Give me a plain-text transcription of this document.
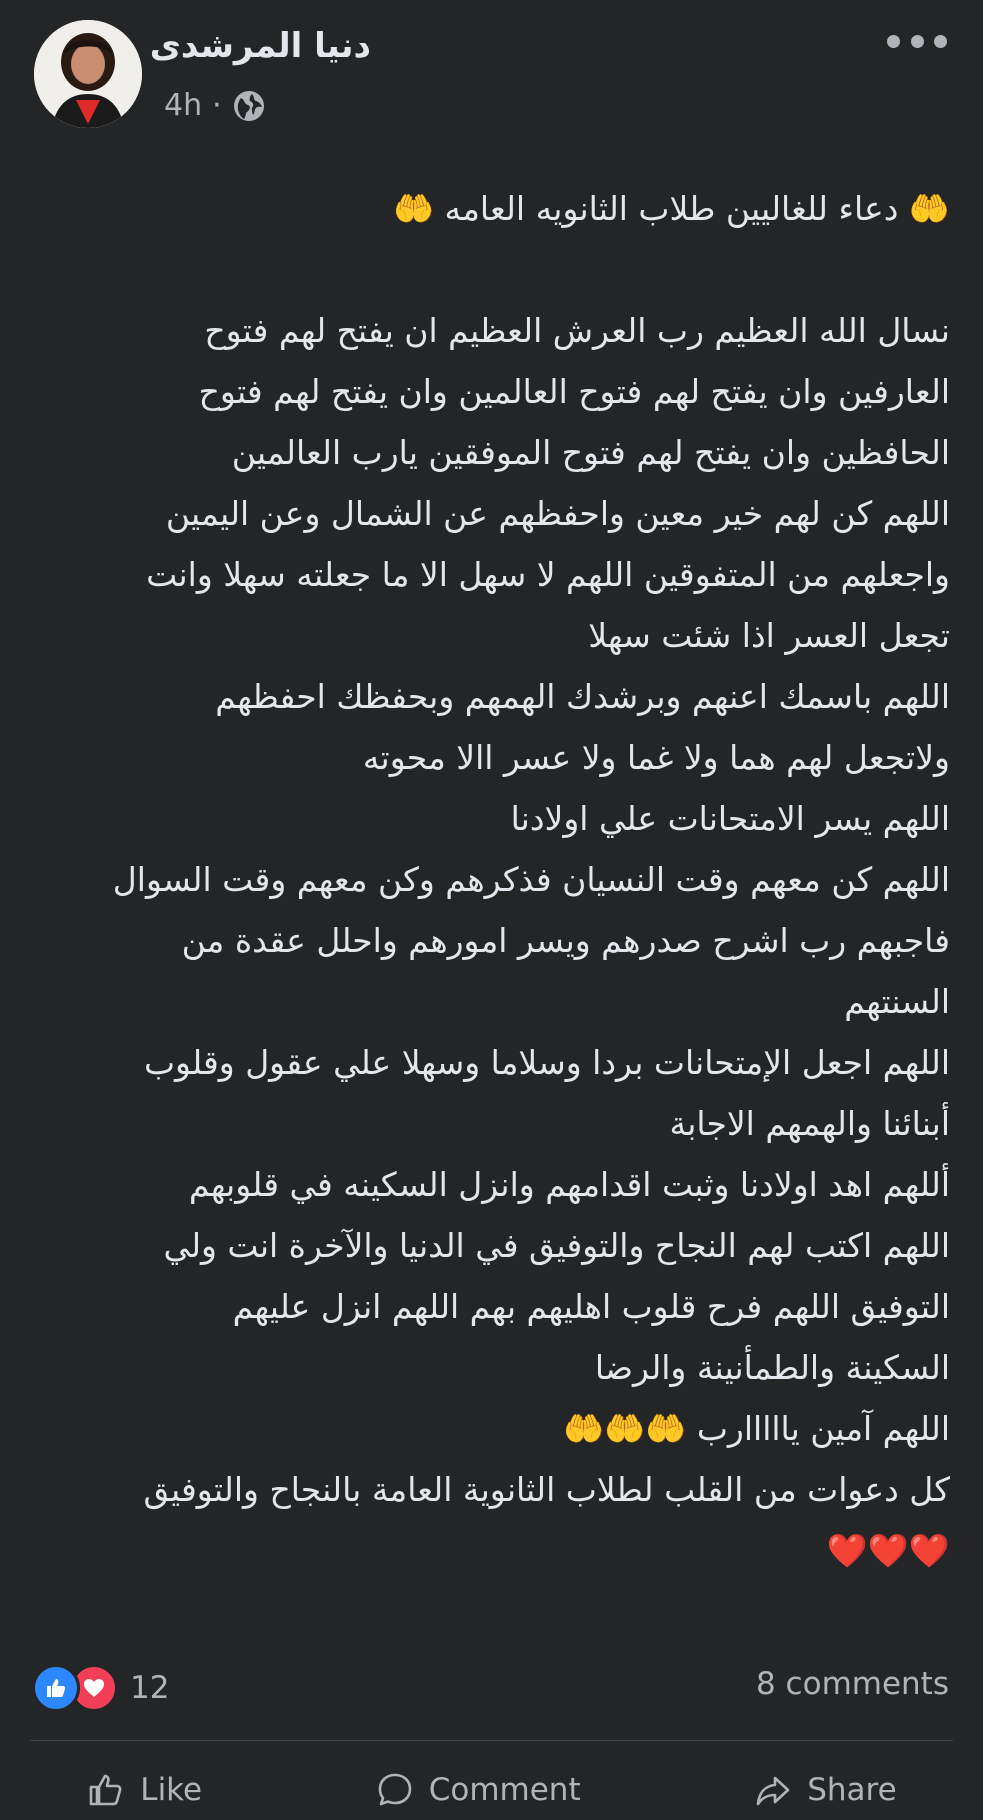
دنيا المرشدى
4h ·
🤲 دعاء للغاليين طلاب الثانويه العامه 🤲
نسال الله العظيم رب العرش العظيم ان يفتح لهم فتوح
العارفين وان يفتح لهم فتوح العالمين وان يفتح لهم فتوح
الحافظين وان يفتح لهم فتوح الموفقين يارب العالمين
اللهم كن لهم خير معين واحفظهم عن الشمال وعن اليمين
واجعلهم من المتفوقين اللهم لا سهل الا ما جعلته سهلا وانت
تجعل العسر اذا شئت سهلا
اللهم باسمك اعنهم وبرشدك الهمهم وبحفظك احفظهم
ولاتجعل لهم هما ولا غما ولا عسر االا محوته
اللهم يسر الامتحانات علي اولادنا
اللهم كن معهم وقت النسيان فذكرهم وكن معهم وقت السوال
فاجبهم رب اشرح صدرهم ويسر امورهم واحلل عقدة من
السنتهم
اللهم اجعل الإمتحانات بردا وسلاما وسهلا علي عقول وقلوب
أبنائنا والهمهم الاجابة
أللهم اهد اولادنا وثبت اقدامهم وانزل السكينه في قلوبهم
اللهم اكتب لهم النجاح والتوفيق في الدنيا والآخرة انت ولي
التوفيق اللهم فرح قلوب اهليهم بهم اللهم انزل عليهم
السكينة والطمأنينة والرضا
اللهم آمين يااااارب 🤲🤲🤲
كل دعوات من القلب لطلاب الثانوية العامة بالنجاح والتوفيق
❤️❤️❤️
12	8 comments
Like	Comment	Share
